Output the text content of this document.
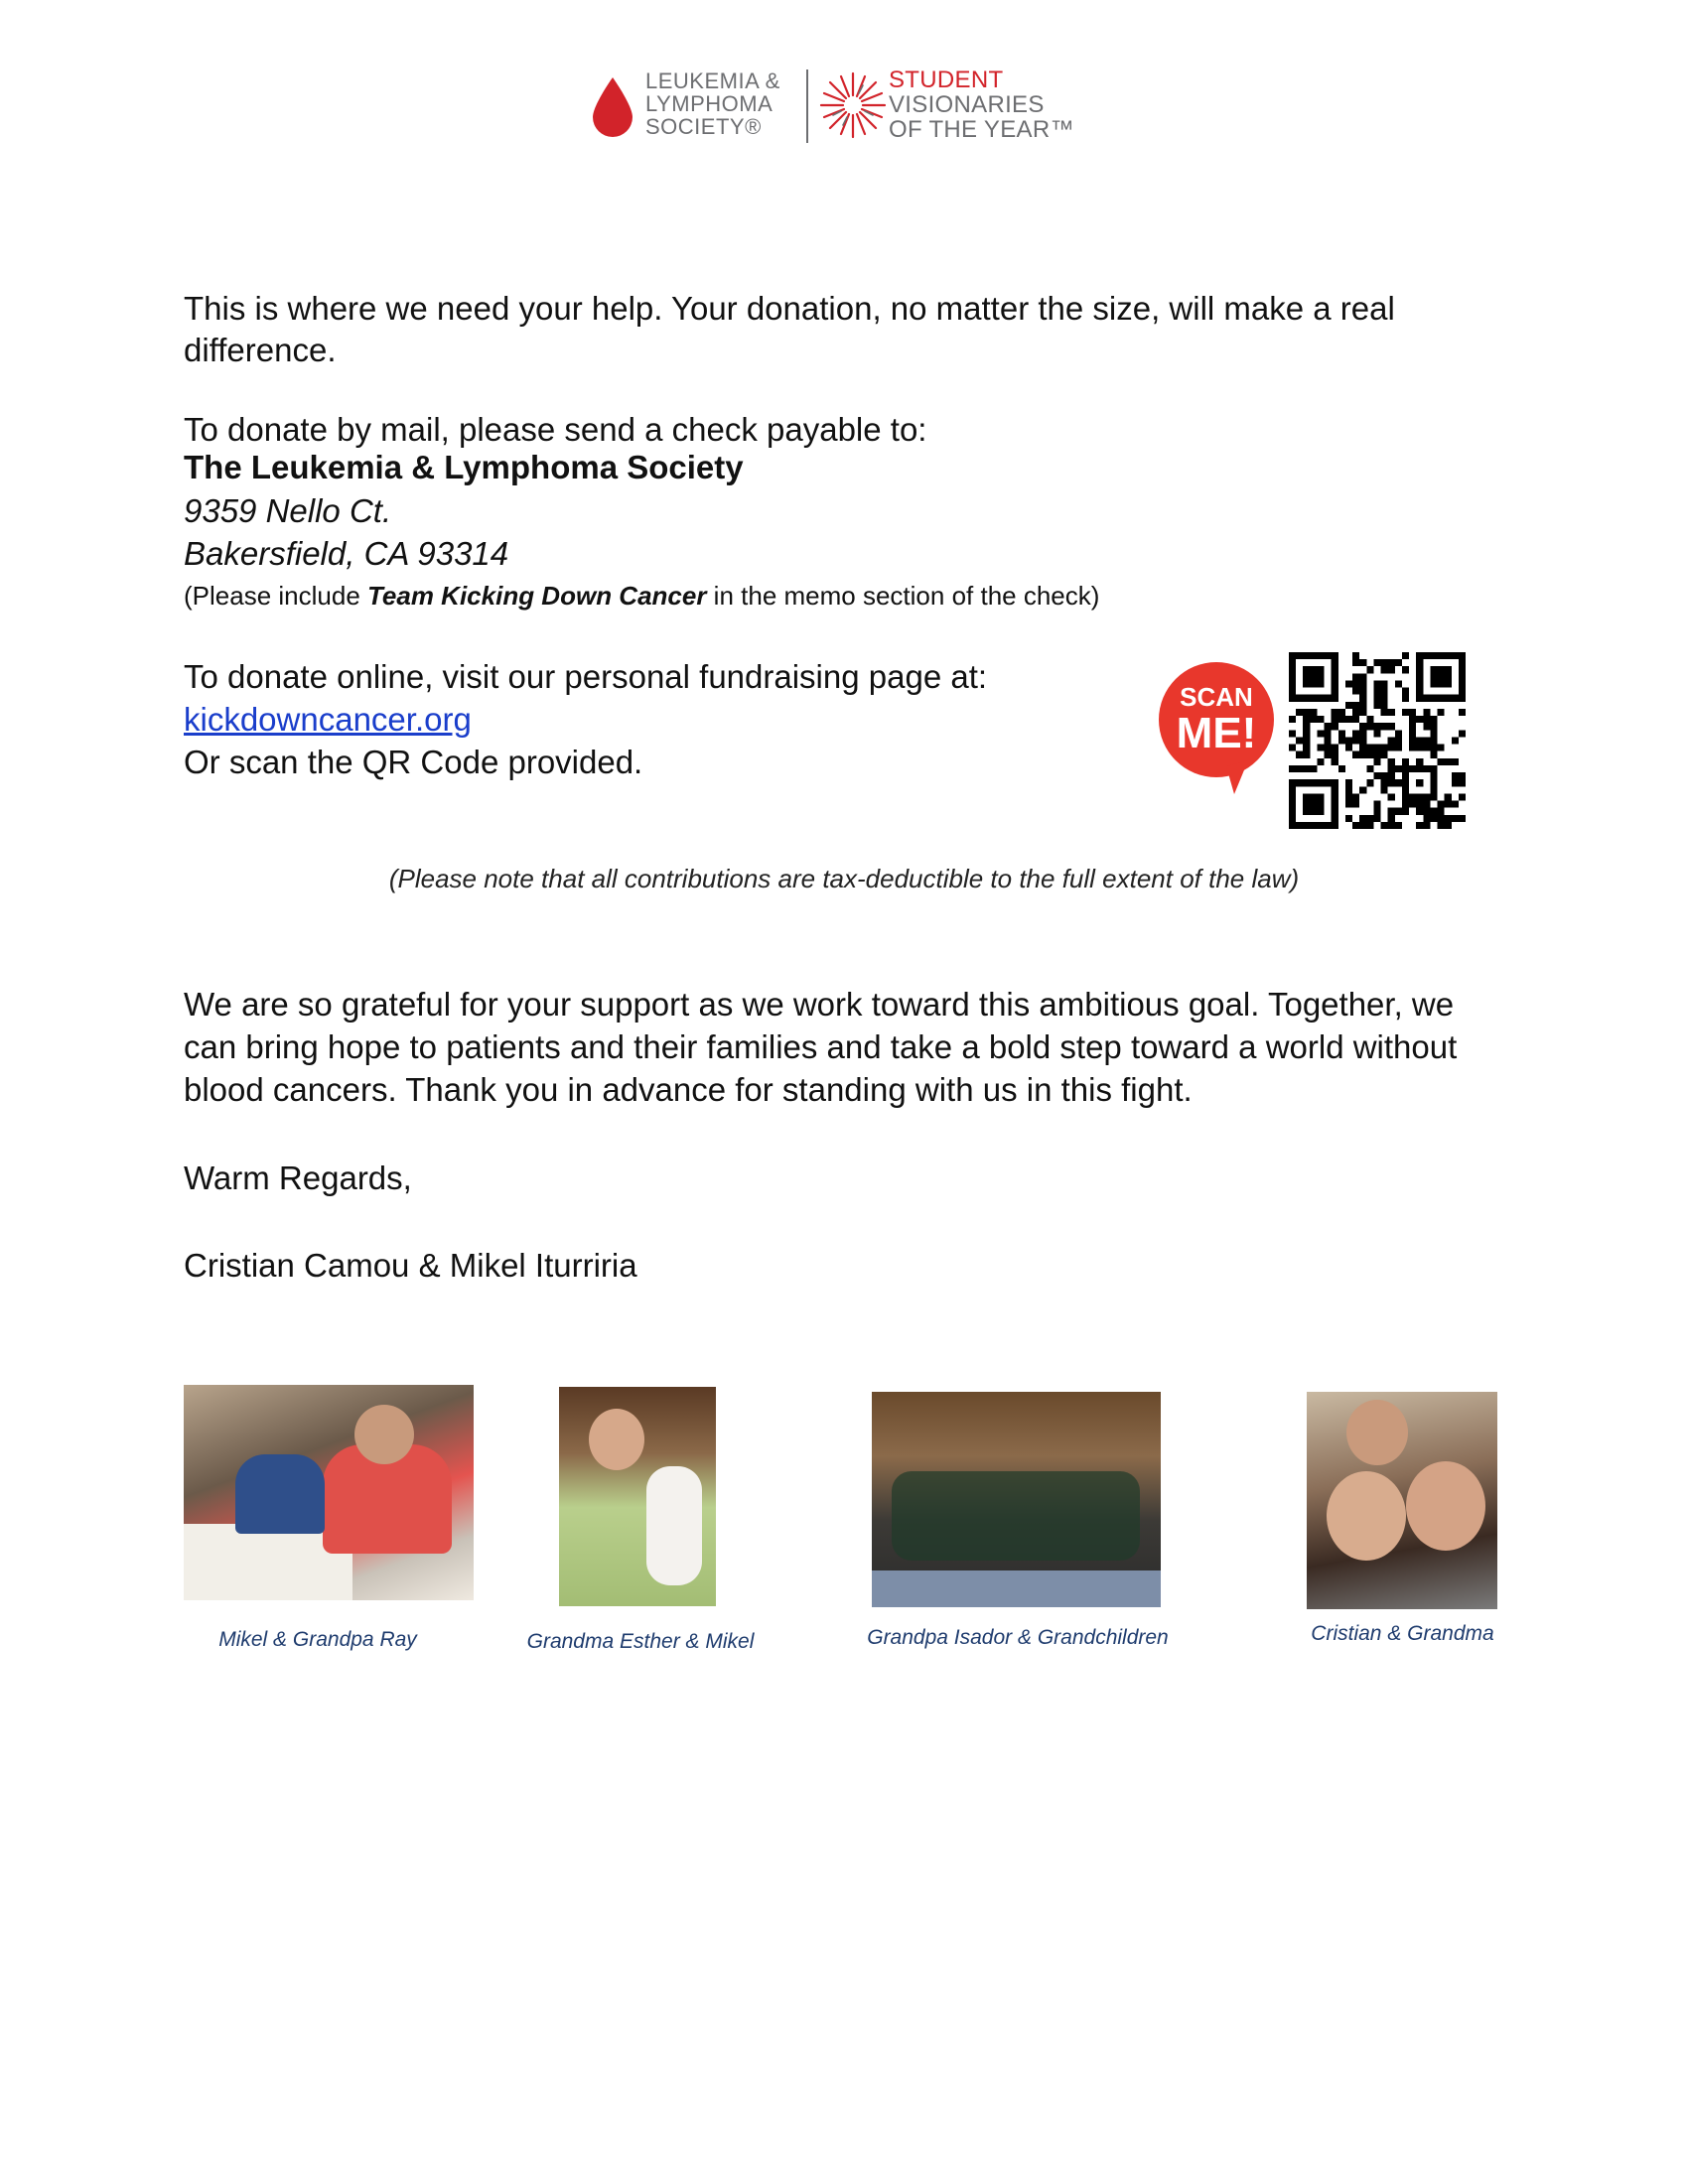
LEUKEMIA &
LYMPHOMA
SOCIETY®
STUDENT
VISIONARIES
OF THE YEAR™
This is where we need your help. Your donation, no matter the size, will make a real difference.
To donate by mail, please send a check payable to:
The Leukemia & Lymphoma Society
9359 Nello Ct.
Bakersfield, CA 93314
(Please include Team Kicking Down Cancer in the memo section of the check)
To donate online, visit our personal fundraising page at:
kickdowncancer.org
Or scan the QR Code provided.
SCAN
ME!
(Please note that all contributions are tax-deductible to the full extent of the law)
We are so grateful for your support as we work toward this ambitious goal. Together, we can bring hope to patients and their families and take a bold step toward a world without blood cancers. Thank you in advance for standing with us in this fight.
Warm Regards,
Cristian Camou & Mikel Iturriria
Mikel & Grandpa Ray	Grandma Esther & Mikel	Grandpa Isador & Grandchildren	Cristian & Grandma
